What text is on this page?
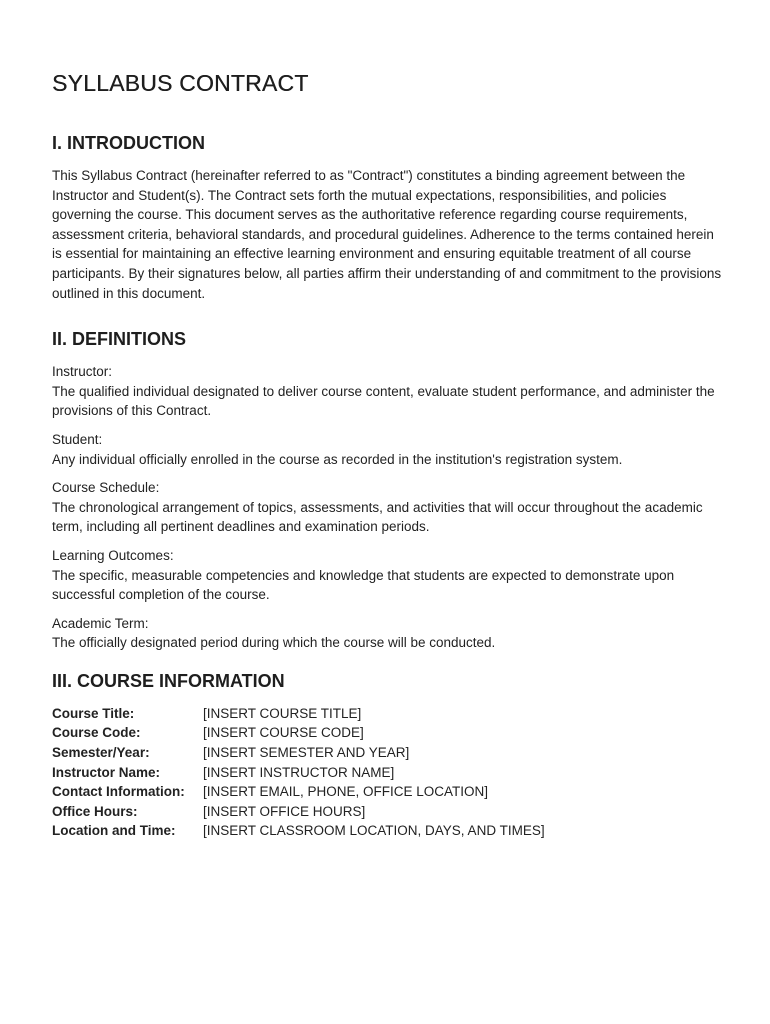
SYLLABUS CONTRACT
I. INTRODUCTION

This Syllabus Contract (hereinafter referred to as "Contract") constitutes a binding agreement between the Instructor and Student(s). The Contract sets forth the mutual expectations, responsibilities, and policies governing the course. This document serves as the authoritative reference regarding course requirements, assessment criteria, behavioral standards, and procedural guidelines. Adherence to the terms contained herein is essential for maintaining an effective learning environment and ensuring equitable treatment of all course participants. By their signatures below, all parties affirm their understanding of and commitment to the provisions outlined in this document.

II. DEFINITIONS
Instructor:
The qualified individual designated to deliver course content, evaluate student performance, and administer the provisions of this Contract.
Student:
Any individual officially enrolled in the course as recorded in the institution's registration system.
Course Schedule:
The chronological arrangement of topics, assessments, and activities that will occur throughout the academic term, including all pertinent deadlines and examination periods.
Learning Outcomes:
The specific, measurable competencies and knowledge that students are expected to demonstrate upon successful completion of the course.
Academic Term:
The officially designated period during which the course will be conducted.
III. COURSE INFORMATION
Course Title:	[INSERT COURSE TITLE]
Course Code:	[INSERT COURSE CODE]
Semester/Year:	[INSERT SEMESTER AND YEAR]
Instructor Name:	[INSERT INSTRUCTOR NAME]
Contact Information:	[INSERT EMAIL, PHONE, OFFICE LOCATION]
Office Hours:	[INSERT OFFICE HOURS]
Location and Time:	[INSERT CLASSROOM LOCATION, DAYS, AND TIMES]
